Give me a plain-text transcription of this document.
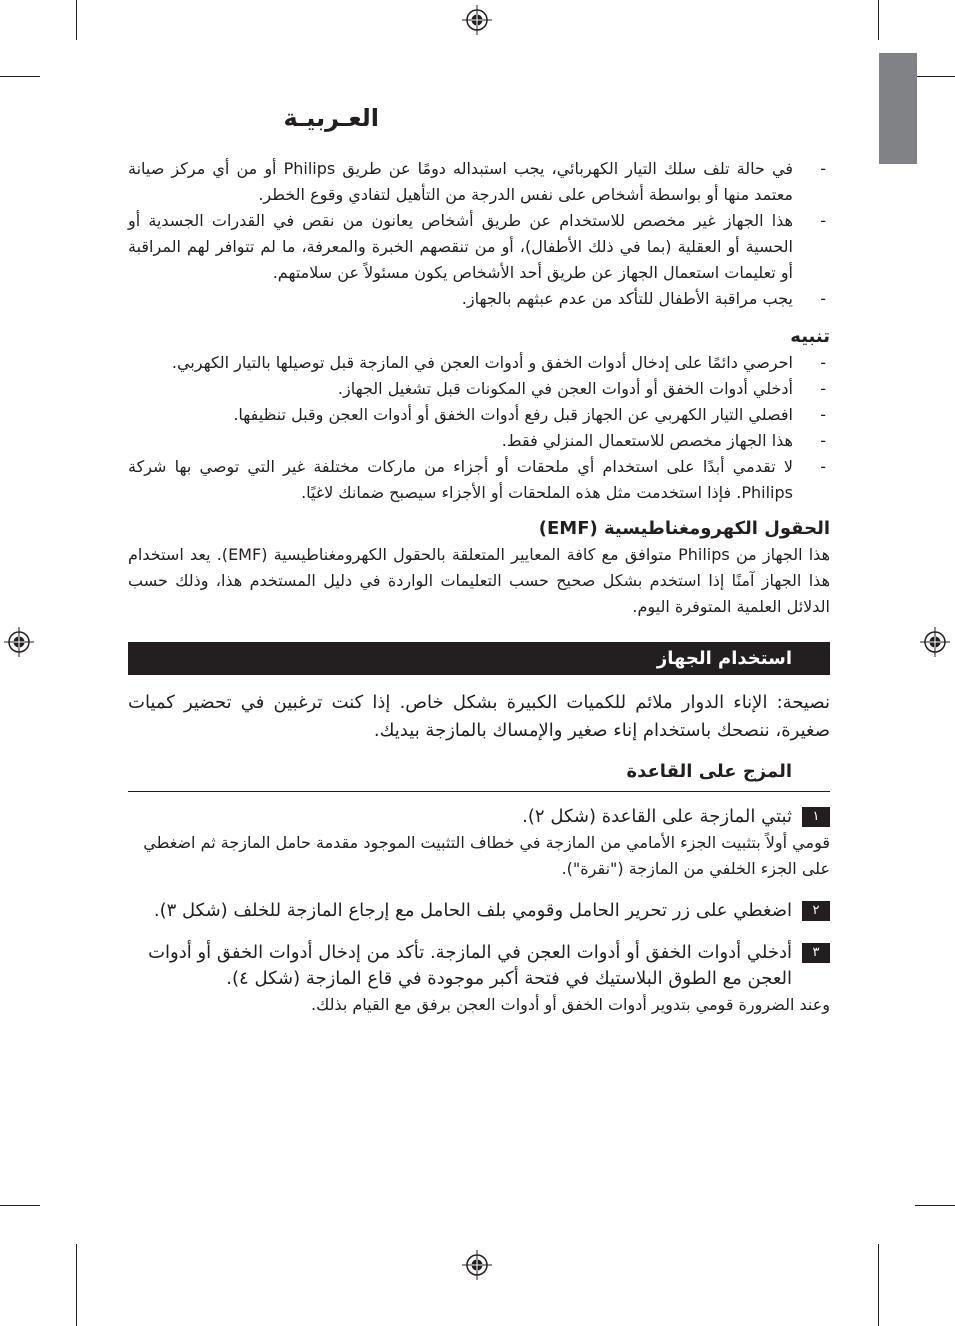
العـربيـة
- في حالة تلف سلك التيار الكهربائي، يجب استبداله دومًا عن طريق Philips أو من أي مركز صيانة معتمد منها أو بواسطة أشخاص على نفس الدرجة من التأهيل لتفادي وقوع الخطر.
- هذا الجهاز غير مخصص للاستخدام عن طريق أشخاص يعانون من نقص في القدرات الجسدية أو الحسية أو العقلية (بما في ذلك الأطفال)، أو من تنقصهم الخبرة والمعرفة، ما لم تتوافر لهم المراقبة أو تعليمات استعمال الجهاز عن طريق أحد الأشخاص يكون مسئولاً عن سلامتهم.
- يجب مراقبة الأطفال للتأكد من عدم عبثهم بالجهاز.
تنبيه
- احرصي دائمًا على إدخال أدوات الخفق و أدوات العجن في المازجة قبل توصيلها بالتيار الكهربي.
- أدخلي أدوات الخفق أو أدوات العجن في المكونات قبل تشغيل الجهاز.
- افصلي التيار الكهربي عن الجهاز قبل رفع أدوات الخفق أو أدوات العجن وقبل تنظيفها.
- هذا الجهاز مخصص للاستعمال المنزلي فقط.
- لا تقدمي أبدًا على استخدام أي ملحقات أو أجزاء من ماركات مختلفة غير التي توصي بها شركة Philips. فإذا استخدمت مثل هذه الملحقات أو الأجزاء سيصبح ضمانك لاغيًا.
الحقول الكهرومغناطيسية (EMF)

هذا الجهاز من Philips متوافق مع كافة المعايير المتعلقة بالحقول الكهرومغناطيسية (EMF). يعد استخدام هذا الجهاز آمنًا إذا استخدم بشكل صحيح حسب التعليمات الواردة في دليل المستخدم هذا، وذلك حسب الدلائل العلمية المتوفرة اليوم.

استخدام الجهاز

نصيحة: الإناء الدوار ملائم للكميات الكبيرة بشكل خاص. إذا كنت ترغبين في تحضير كميات صغيرة، ننصحك باستخدام إناء صغير والإمساك بالمازجة بيديك.

المزج على القاعدة
١
ثبتي المازجة على القاعدة (شكل ٢).
قومي أولاً بتثبيت الجزء الأمامي من المازجة في خطاف التثبيت الموجود مقدمة حامل المازجة ثم اضغطي على الجزء الخلفي من المازجة ("نقرة").
٢
اضغطي على زر تحرير الحامل وقومي بلف الحامل مع إرجاع المازجة للخلف (شكل ٣).
٣
أدخلي أدوات الخفق أو أدوات العجن في المازجة. تأكد من إدخال أدوات الخفق أو أدوات العجن مع الطوق البلاستيك في فتحة أكبر موجودة في قاع المازجة (شكل ٤).
وعند الضرورة قومي بتدوير أدوات الخفق أو أدوات العجن برفق مع القيام بذلك.
